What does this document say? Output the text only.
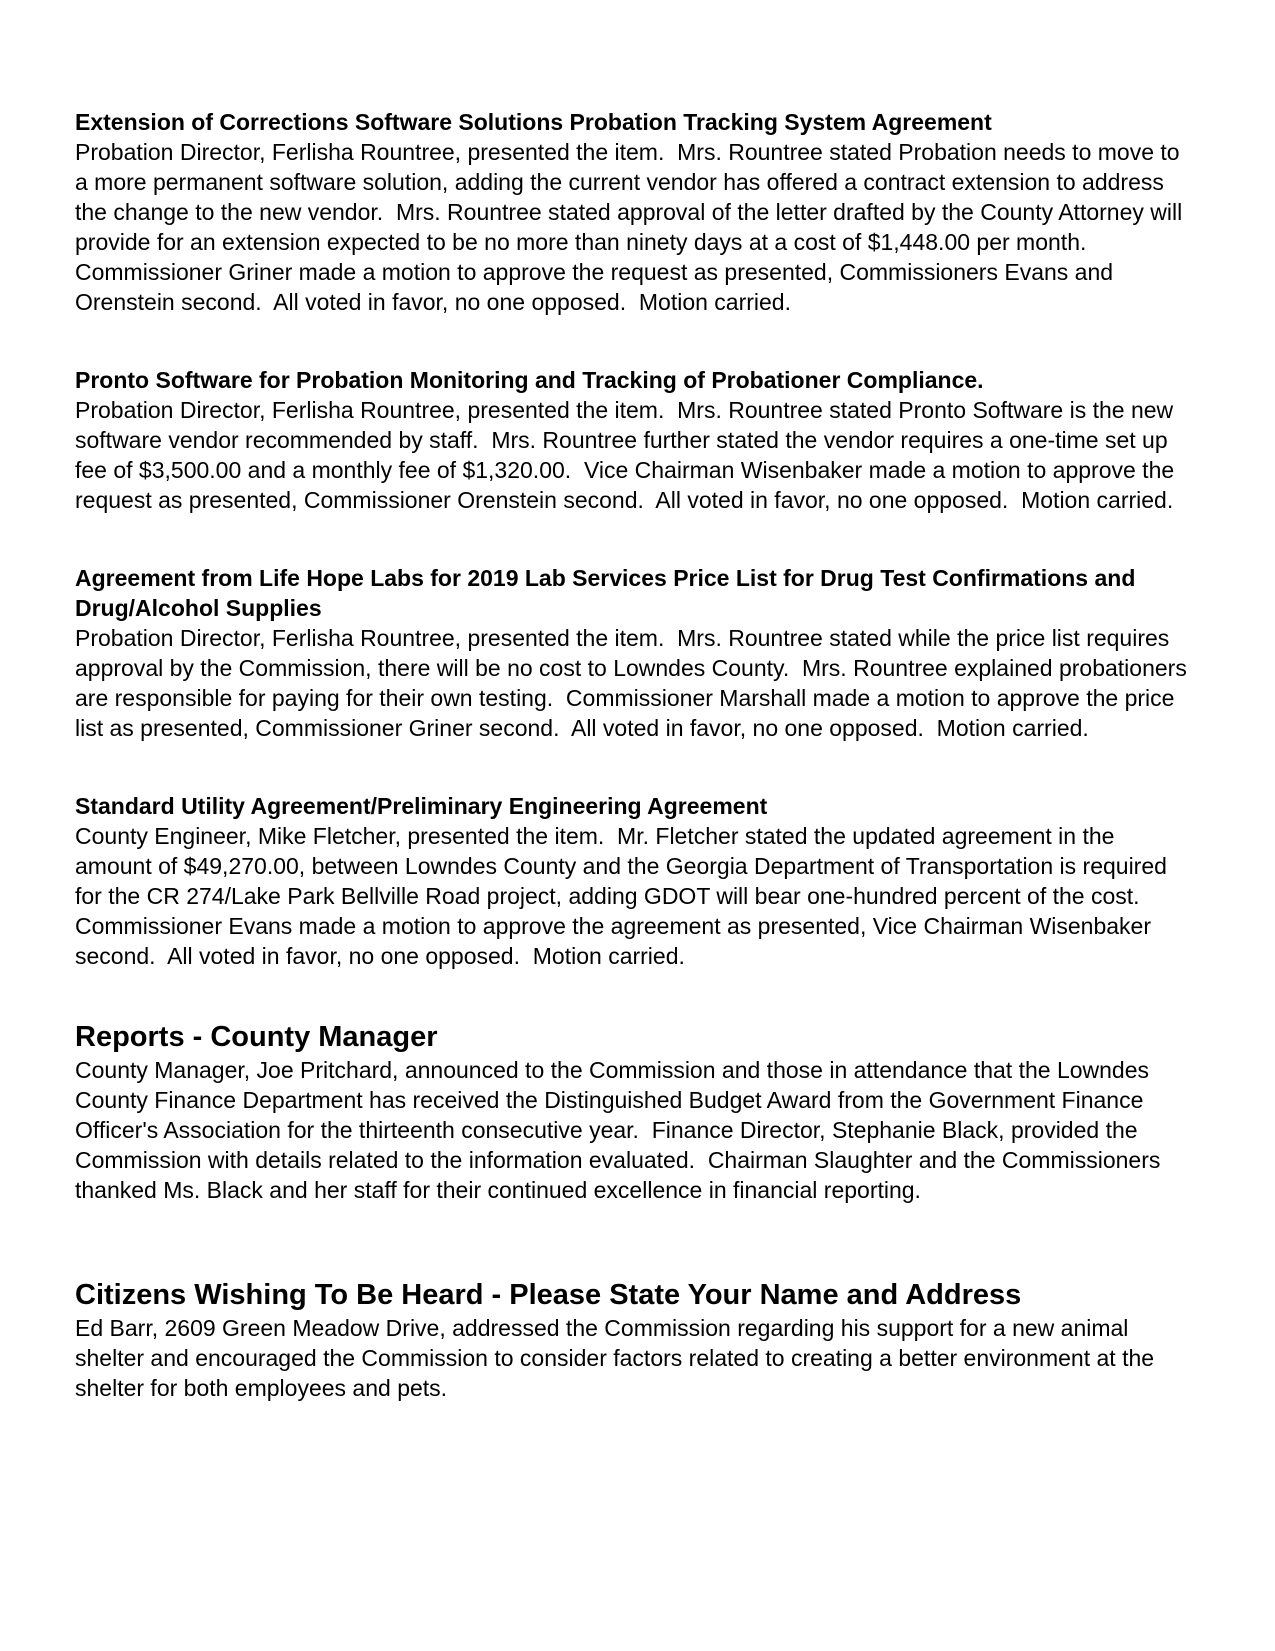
Extension of Corrections Software Solutions Probation Tracking System Agreement

Probation Director, Ferlisha Rountree, presented the item.  Mrs. Rountree stated Probation needs to move to a more permanent software solution, adding the current vendor has offered a contract extension to address the change to the new vendor.  Mrs. Rountree stated approval of the letter drafted by the County Attorney will provide for an extension expected to be no more than ninety days at a cost of $1,448.00 per month.  Commissioner Griner made a motion to approve the request as presented, Commissioners Evans and Orenstein second.  All voted in favor, no one opposed.  Motion carried.

Pronto Software for Probation Monitoring and Tracking of Probationer Compliance.

Probation Director, Ferlisha Rountree, presented the item.  Mrs. Rountree stated Pronto Software is the new software vendor recommended by staff.  Mrs. Rountree further stated the vendor requires a one-time set up fee of $3,500.00 and a monthly fee of $1,320.00.  Vice Chairman Wisenbaker made a motion to approve the request as presented, Commissioner Orenstein second.  All voted in favor, no one opposed.  Motion carried.

Agreement from Life Hope Labs for 2019 Lab Services Price List for Drug Test Confirmations and Drug/Alcohol Supplies

Probation Director, Ferlisha Rountree, presented the item.  Mrs. Rountree stated while the price list requires approval by the Commission, there will be no cost to Lowndes County.  Mrs. Rountree explained probationers are responsible for paying for their own testing.  Commissioner Marshall made a motion to approve the price list as presented, Commissioner Griner second.  All voted in favor, no one opposed.  Motion carried.

Standard Utility Agreement/Preliminary Engineering Agreement

County Engineer, Mike Fletcher, presented the item.  Mr. Fletcher stated the updated agreement in the amount of $49,270.00, between Lowndes County and the Georgia Department of Transportation is required for the CR 274/Lake Park Bellville Road project, adding GDOT will bear one-hundred percent of the cost.  Commissioner Evans made a motion to approve the agreement as presented, Vice Chairman Wisenbaker second.  All voted in favor, no one opposed.  Motion carried.

Reports - County Manager

County Manager, Joe Pritchard, announced to the Commission and those in attendance that the Lowndes County Finance Department has received the Distinguished Budget Award from the Government Finance Officer's Association for the thirteenth consecutive year.  Finance Director, Stephanie Black, provided the Commission with details related to the information evaluated.  Chairman Slaughter and the Commissioners thanked Ms. Black and her staff for their continued excellence in financial reporting.

Citizens Wishing To Be Heard - Please State Your Name and Address

Ed Barr, 2609 Green Meadow Drive, addressed the Commission regarding his support for a new animal shelter and encouraged the Commission to consider factors related to creating a better environment at the shelter for both employees and pets.
